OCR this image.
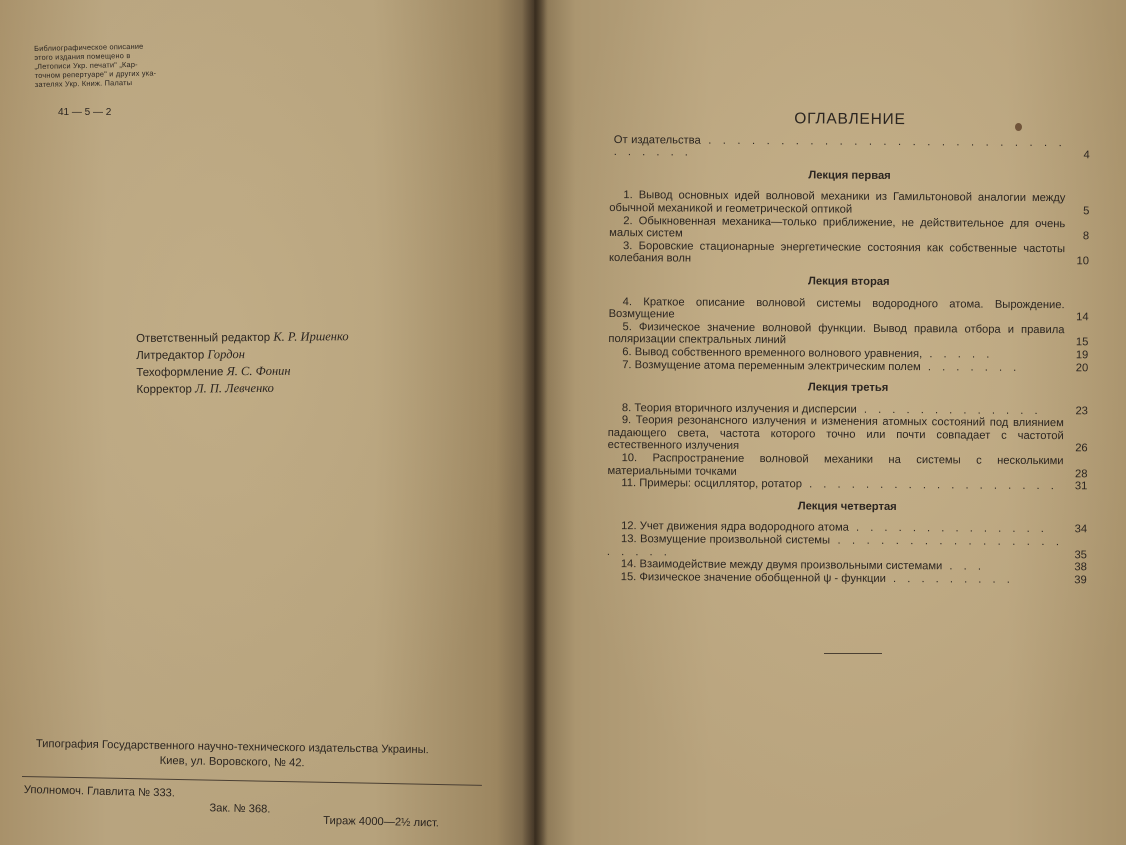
Библиографическое описание
этого издания помещено в
„Летописи Укр. печати" „Кар-
точном репертуаре" и других ука-
зателях Укр. Книж. Палаты
41 — 5 — 2
Ответственный редактор К. Р. Иршенко
Литредактор Гордон
Техоформление Я. С. Фонин
Корректор Л. П. Левченко
Типография Государственного научно-технического издательства Украины.
Киев, ул. Воровского, № 42.
Уполномоч. Главлита № 333.
Зак. № 368.
Тираж 4000—2½ лист.
ОГЛАВЛЕНИЕ
От издательства . . . . . . . . . . . . . . . . . . . . . . . . . . . . . . .	4
Лекция первая
1. Вывод основных идей волновой механики из Гамильтоновой аналогии между обычной механикой и геометрической оптикой	5
2. Обыкновенная механика—только приближение, не действительное для очень малых систем	8
3. Боровские стационарные энергетические состояния как собственные частоты колебания волн	10
Лекция вторая
4. Краткое описание волновой системы водородного атома. Вырождение. Возмущение	14
5. Физическое значение волновой функции. Вывод правила отбора и правила поляризации спектральных линий	15
6. Вывод собственного временного волнового уравнения, . . . . .	19
7. Возмущение атома переменным электрическим полем . . . . . . .	20
Лекция третья
8. Теория вторичного излучения и дисперсии . . . . . . . . . . . . .	23
9. Теория резонансного излучения и изменения атомных состояний под влиянием падающего света, частота которого точно или почти совпадает с частотой естественного излучения	26
10. Распространение волновой механики на системы с несколькими материальными точками	28
11. Примеры: осциллятор, ротатор . . . . . . . . . . . . . . . . . .	31
Лекция четвертая
12. Учет движения ядра водородного атома . . . . . . . . . . . . . .	34
13. Возмущение произвольной системы . . . . . . . . . . . . . . . . . . . . .	35
14. Взаимодействие между двумя произвольными системами . . .	38
15. Физическое значение обобщенной ψ - функции . . . . . . . . .	39
